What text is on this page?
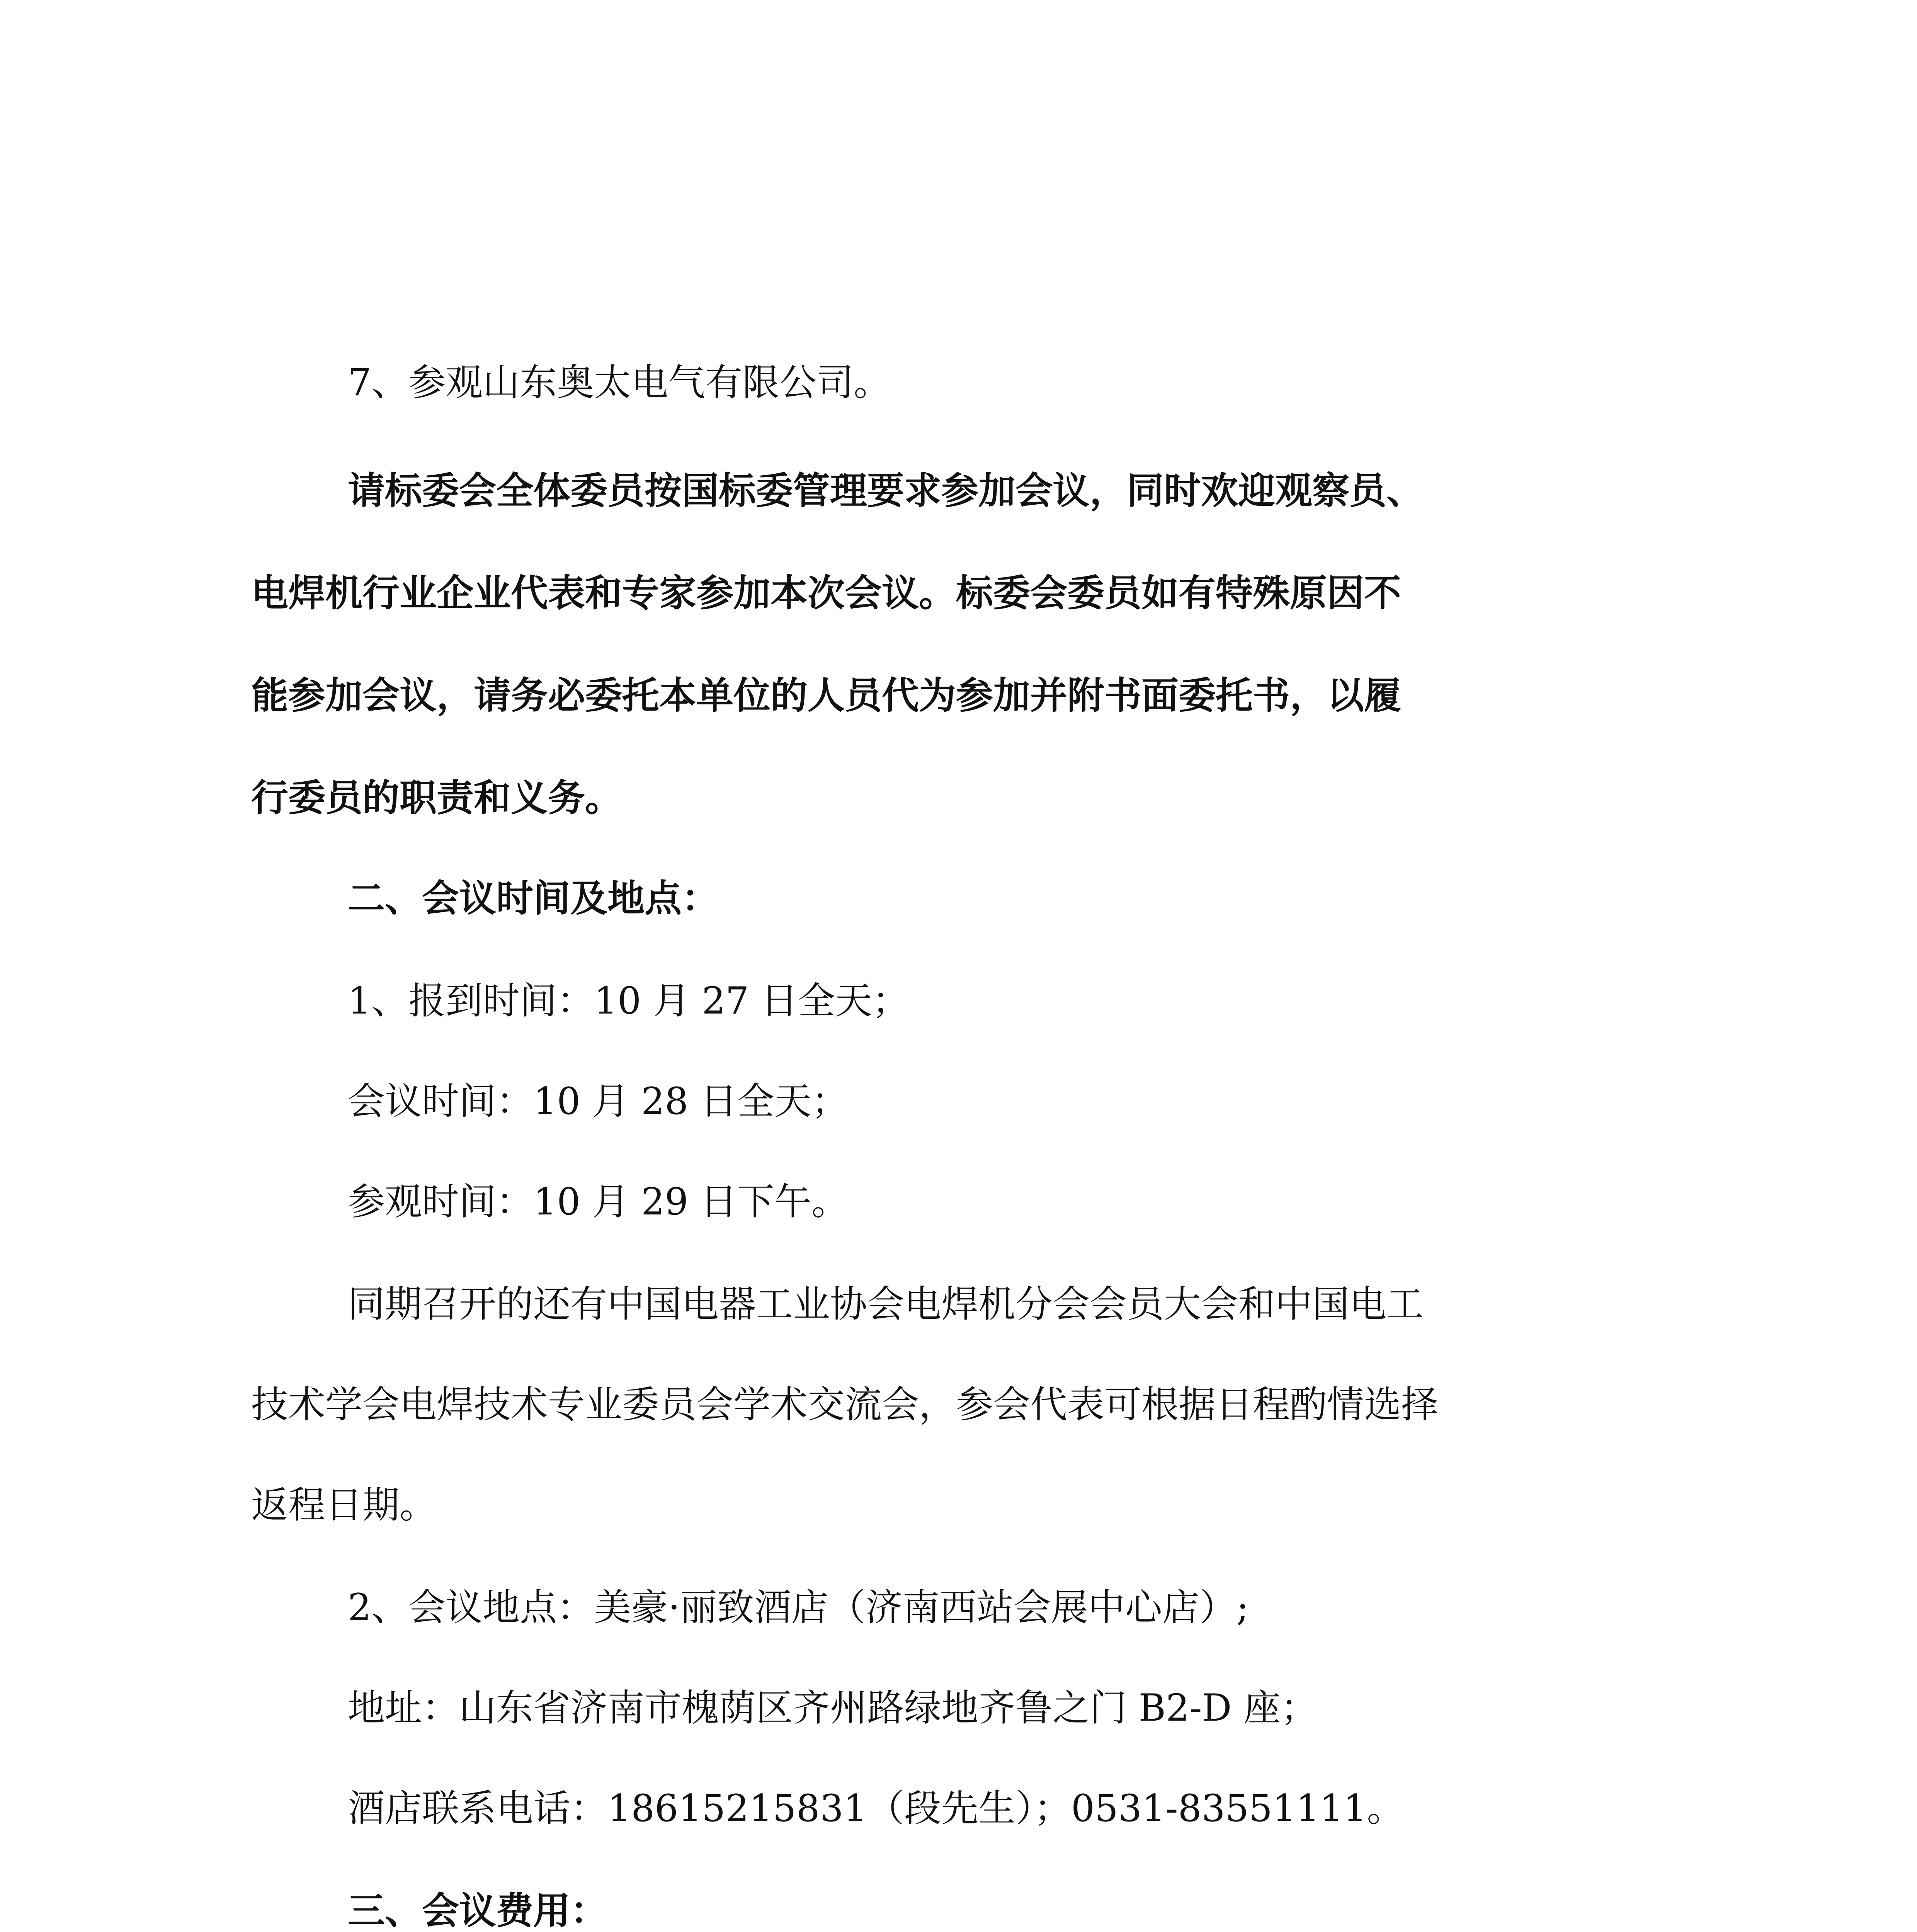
7、参观山东奥太电气有限公司。
请标委会全体委员按国标委管理要求参加会议，同时欢迎观察员、
电焊机行业企业代表和专家参加本次会议。标委会委员如有特殊原因不
能参加会议，请务必委托本单位的人员代为参加并附书面委托书，以履
行委员的职责和义务。
二、会议时间及地点：
1、报到时间：10 月 27 日全天；
会议时间：10 月 28 日全天；
参观时间：10 月 29 日下午。
同期召开的还有中国电器工业协会电焊机分会会员大会和中国电工
技术学会电焊技术专业委员会学术交流会，参会代表可根据日程酌情选择
返程日期。
2、会议地点：美豪·丽致酒店（济南西站会展中心店）;
地址：山东省济南市槐荫区齐州路绿地齐鲁之门 B2-D 座；
酒店联系电话：18615215831（段先生）；0531-83551111。
三、会议费用：
